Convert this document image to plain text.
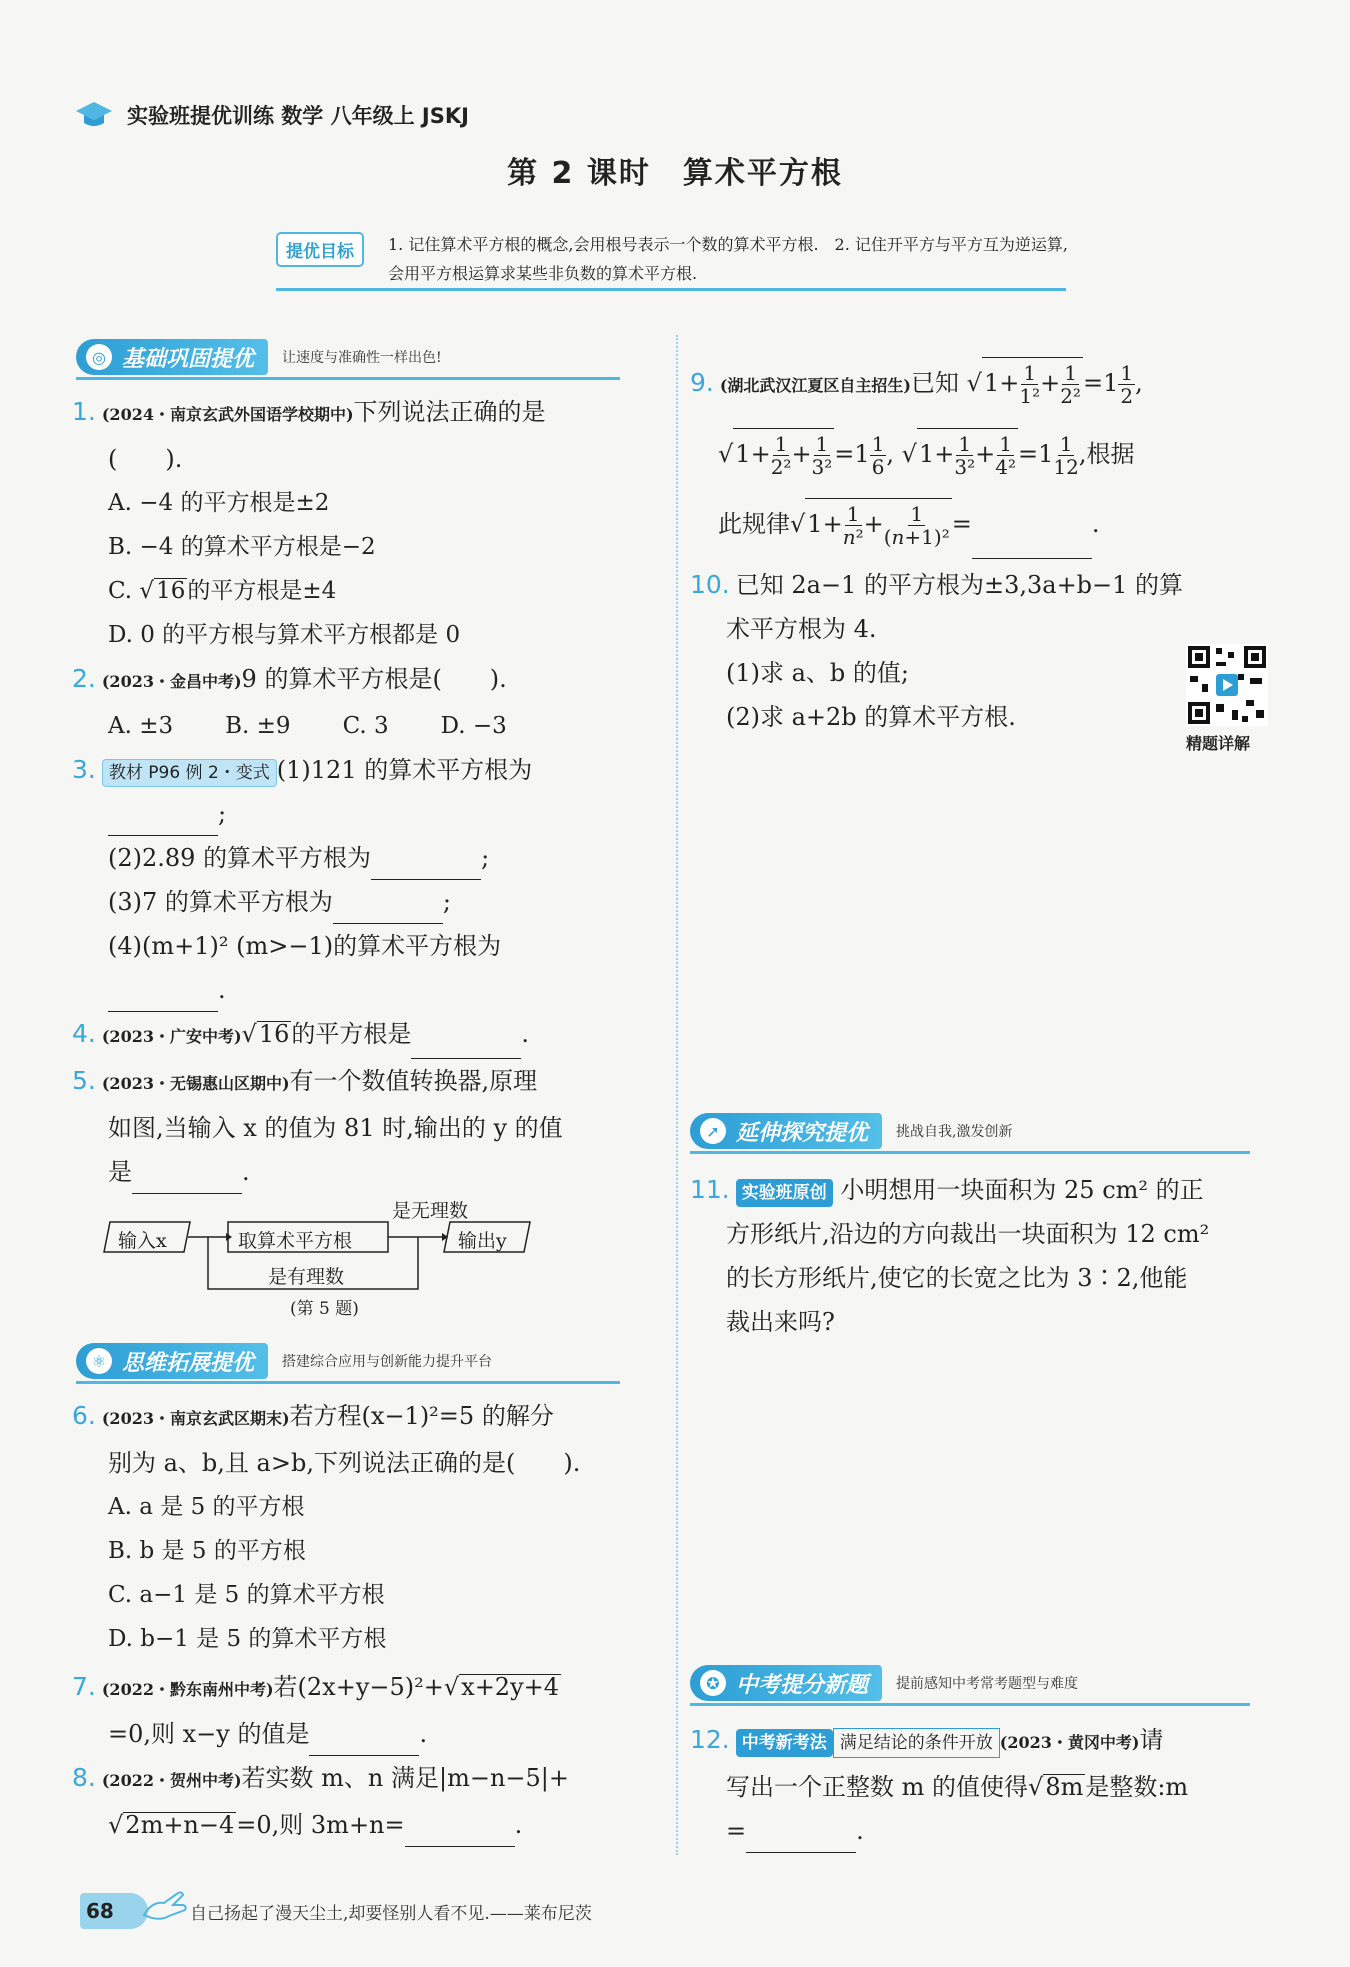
实验班提优训练 数学 八年级上 JSKJ
第 2 课时　算术平方根
提优目标	1. 记住算术平方根的概念,会用根号表示一个数的算术平方根.　2. 记住开平方与平方互为逆运算,会用平方根运算求某些非负数的算术平方根.
◎ 基础巩固提优 让速度与准确性一样出色!
1. (2024・南京玄武外国语学校期中)下列说法正确的是
(　　).
A. −4 的平方根是±2
B. −4 的算术平方根是−2
C. √16的平方根是±4
D. 0 的平方根与算术平方根都是 0
2. (2023・金昌中考)9 的算术平方根是(　　).
A. ±3 B. ±9 C. 3 D. −3
3. 教材 P96 例 2・变式 (1)121 的算术平方根为
;
(2)2.89 的算术平方根为	;
(3)7 的算术平方根为	;
(4)(m+1)² (m>−1)的算术平方根为
.
4. (2023・广安中考)√16的平方根是	.
5. (2023・无锡惠山区期中)有一个数值转换器,原理
如图,当输入 x 的值为 81 时,输出的 y 的值
是	.
输入x	取算术平方根	输出y
是无理数
是有理数
(第 5 题)
⚛ 思维拓展提优 搭建综合应用与创新能力提升平台
6. (2023・南京玄武区期末)若方程(x−1)²=5 的解分
别为 a、b,且 a>b,下列说法正确的是(　　).
A. a 是 5 的平方根
B. b 是 5 的平方根
C. a−1 是 5 的算术平方根
D. b−1 是 5 的算术平方根
7. (2022・黔东南州中考)若(2x+y−5)²+√x+2y+4
=0,则 x−y 的值是	.
8. (2022・贺州中考)若实数 m、n 满足|m−n−5|+
√2m+n−4=0,则 3m+n=	.
9. (湖北武汉江夏区自主招生)已知 $√1+ \frac{1}{\text{1²}} + \frac{1}{\text{2²}} =1 \frac{1}{2}$ ,
$√1+ \frac{1}{\text{2²}} + \frac{1}{\text{3²}} =1 \frac{1}{6}$ , $√1+ \frac{1}{\text{3²}} + \frac{1}{\text{4²}} =1 \frac{1}{12}$ ,根据
此规律$√1+ \frac{1}{\text{n²}} + \frac{1}{\text{(n+1)²}}$ =	.
10. 已知 2a−1 的平方根为±3,3a+b−1 的算
术平方根为 4.
(1)求 a、b 的值;
(2)求 a+2b 的算术平方根.
精题详解
➚ 延伸探究提优 挑战自我,激发创新
11. 实验班原创 小明想用一块面积为 25 cm² 的正
方形纸片,沿边的方向裁出一块面积为 12 cm²
的长方形纸片,使它的长宽之比为 3∶2,他能
裁出来吗?
✪ 中考提分新题 提前感知中考常考题型与难度
12. 中考新考法 满足结论的条件开放 (2023・黄冈中考)请
写出一个正整数 m 的值使得√8m是整数:m
=	.
68	自己扬起了漫天尘土,却要怪别人看不见.——莱布尼茨
